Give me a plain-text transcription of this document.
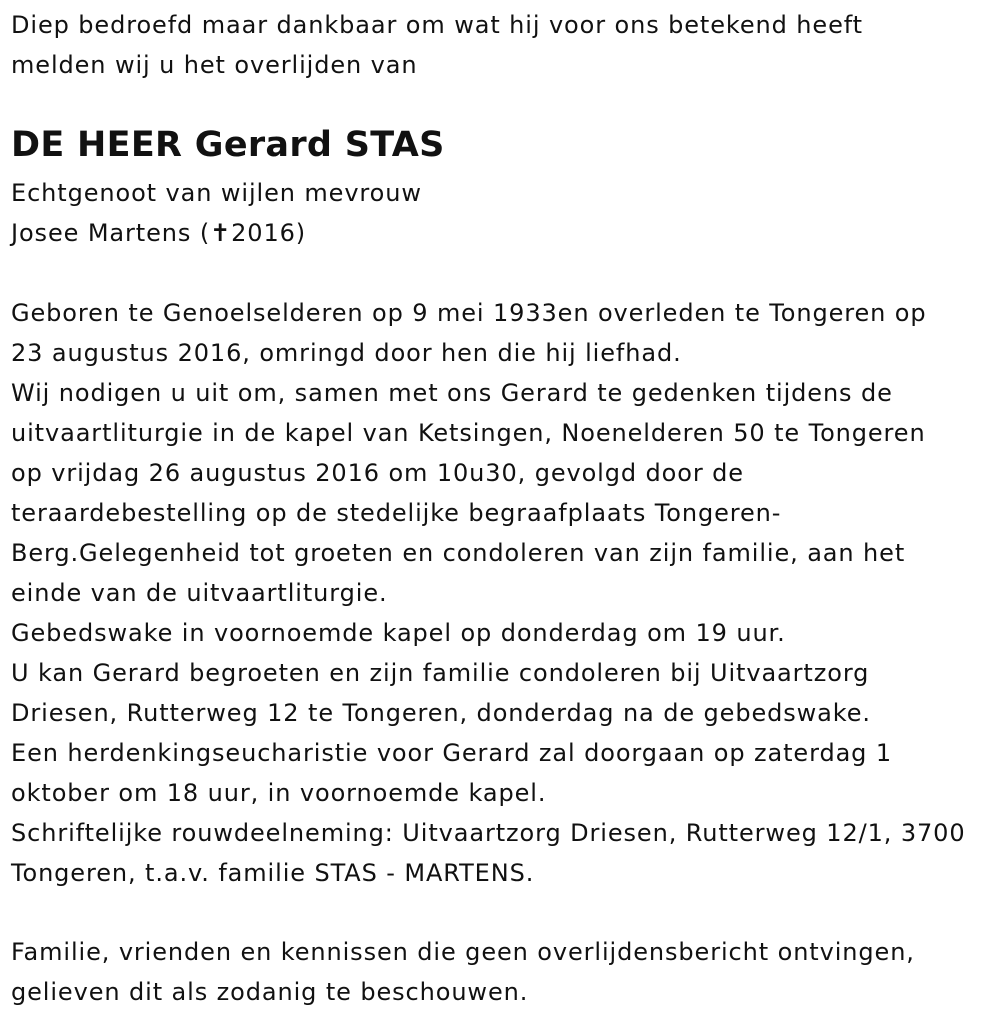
Diep bedroefd maar dankbaar om wat hij voor ons betekend heeft
melden wij u het overlijden van
DE HEER Gerard STAS
Echtgenoot van wijlen mevrouw
Josee Martens (✝2016)
Geboren te Genoelselderen op 9 mei 1933en overleden te Tongeren op
23 augustus 2016, omringd door hen die hij liefhad.
Wij nodigen u uit om, samen met ons Gerard te gedenken tijdens de
uitvaartliturgie in de kapel van Ketsingen, Noenelderen 50 te Tongeren
op vrijdag 26 augustus 2016 om 10u30, gevolgd door de
teraardebestelling op de stedelijke begraafplaats Tongeren-
Berg.Gelegenheid tot groeten en condoleren van zijn familie, aan het
einde van de uitvaartliturgie.
Gebedswake in voornoemde kapel op donderdag om 19 uur.
U kan Gerard begroeten en zijn familie condoleren bij Uitvaartzorg
Driesen, Rutterweg 12 te Tongeren, donderdag na de gebedswake.
Een herdenkingseucharistie voor Gerard zal doorgaan op zaterdag 1
oktober om 18 uur, in voornoemde kapel.
Schriftelijke rouwdeelneming: Uitvaartzorg Driesen, Rutterweg 12/1, 3700
Tongeren, t.a.v. familie STAS - MARTENS.
Familie, vrienden en kennissen die geen overlijdensbericht ontvingen,
gelieven dit als zodanig te beschouwen.
